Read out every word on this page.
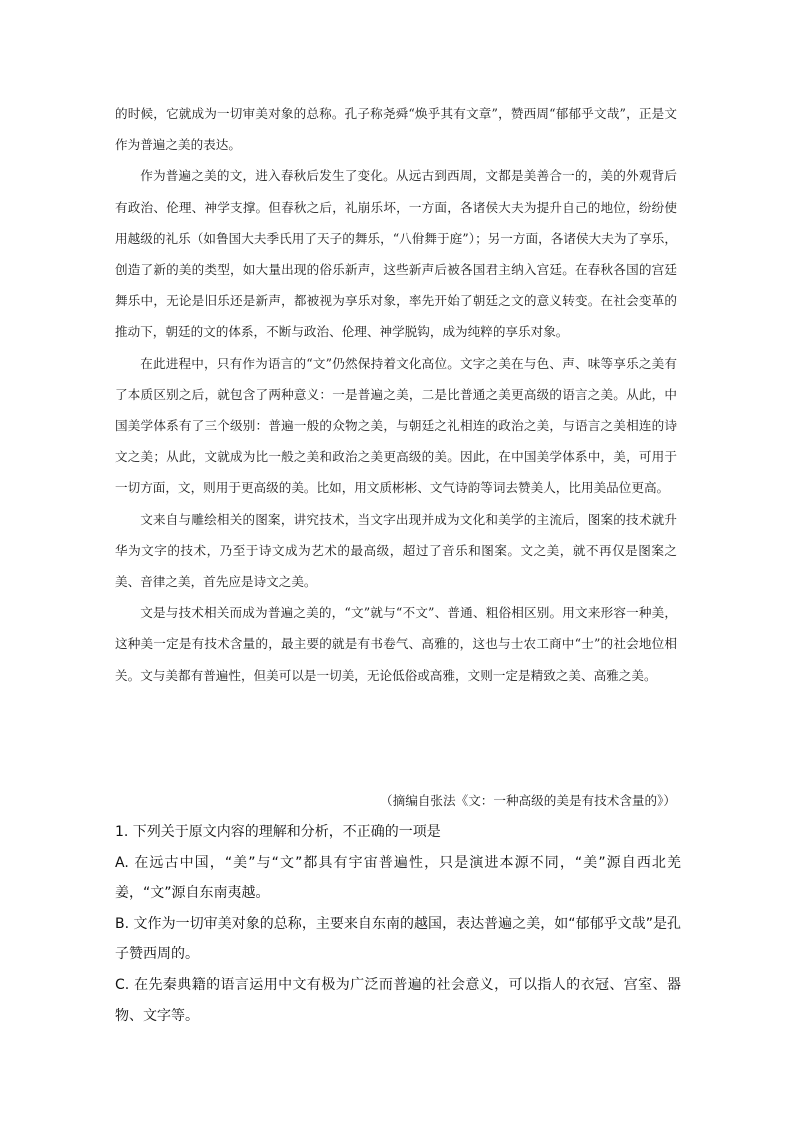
的时候，它就成为一切审美对象的总称。孔子称尧舜“焕乎其有文章”，赞西周“郁郁乎文哉”，正是文作为普遍之美的表达。

作为普遍之美的文，进入春秋后发生了变化。从远古到西周，文都是美善合一的，美的外观背后有政治、伦理、神学支撑。但春秋之后，礼崩乐坏，一方面，各诸侯大夫为提升自己的地位，纷纷使用越级的礼乐（如鲁国大夫季氏用了天子的舞乐，“八佾舞于庭”）；另一方面，各诸侯大夫为了享乐，创造了新的美的类型，如大量出现的俗乐新声，这些新声后被各国君主纳入宫廷。在春秋各国的宫廷舞乐中，无论是旧乐还是新声，都被视为享乐对象，率先开始了朝廷之文的意义转变。在社会变革的推动下，朝廷的文的体系，不断与政治、伦理、神学脱钩，成为纯粹的享乐对象。

在此进程中，只有作为语言的“文”仍然保持着文化高位。文字之美在与色、声、味等享乐之美有了本质区别之后，就包含了两种意义：一是普遍之美，二是比普通之美更高级的语言之美。从此，中国美学体系有了三个级别：普遍一般的众物之美，与朝廷之礼相连的政治之美，与语言之美相连的诗文之美；从此，文就成为比一般之美和政治之美更高级的美。因此，在中国美学体系中，美，可用于一切方面，文，则用于更高级的美。比如，用文质彬彬、文气诗韵等词去赞美人，比用美品位更高。

文来自与雕绘相关的图案，讲究技术，当文字出现并成为文化和美学的主流后，图案的技术就升华为文字的技术，乃至于诗文成为艺术的最高级，超过了音乐和图案。文之美，就不再仅是图案之美、音律之美，首先应是诗文之美。

文是与技术相关而成为普遍之美的，“文”就与“不文”、普通、粗俗相区别。用文来形容一种美，这种美一定是有技术含量的，最主要的就是有书卷气、高雅的，这也与士农工商中“士”的社会地位相关。文与美都有普遍性，但美可以是一切美，无论低俗或高雅，文则一定是精致之美、高雅之美。

（摘编自张法《文：一种高级的美是有技术含量的》）

1. 下列关于原文内容的理解和分析，不正确的一项是

A. 在远古中国，“美”与“文”都具有宇宙普遍性，只是演进本源不同，“美”源自西北羌姜，“文”源自东南夷越。

B. 文作为一切审美对象的总称，主要来自东南的越国，表达普遍之美，如“郁郁乎文哉”是孔子赞西周的。

C. 在先秦典籍的语言运用中文有极为广泛而普遍的社会意义，可以指人的衣冠、宫室、器物、文字等。
